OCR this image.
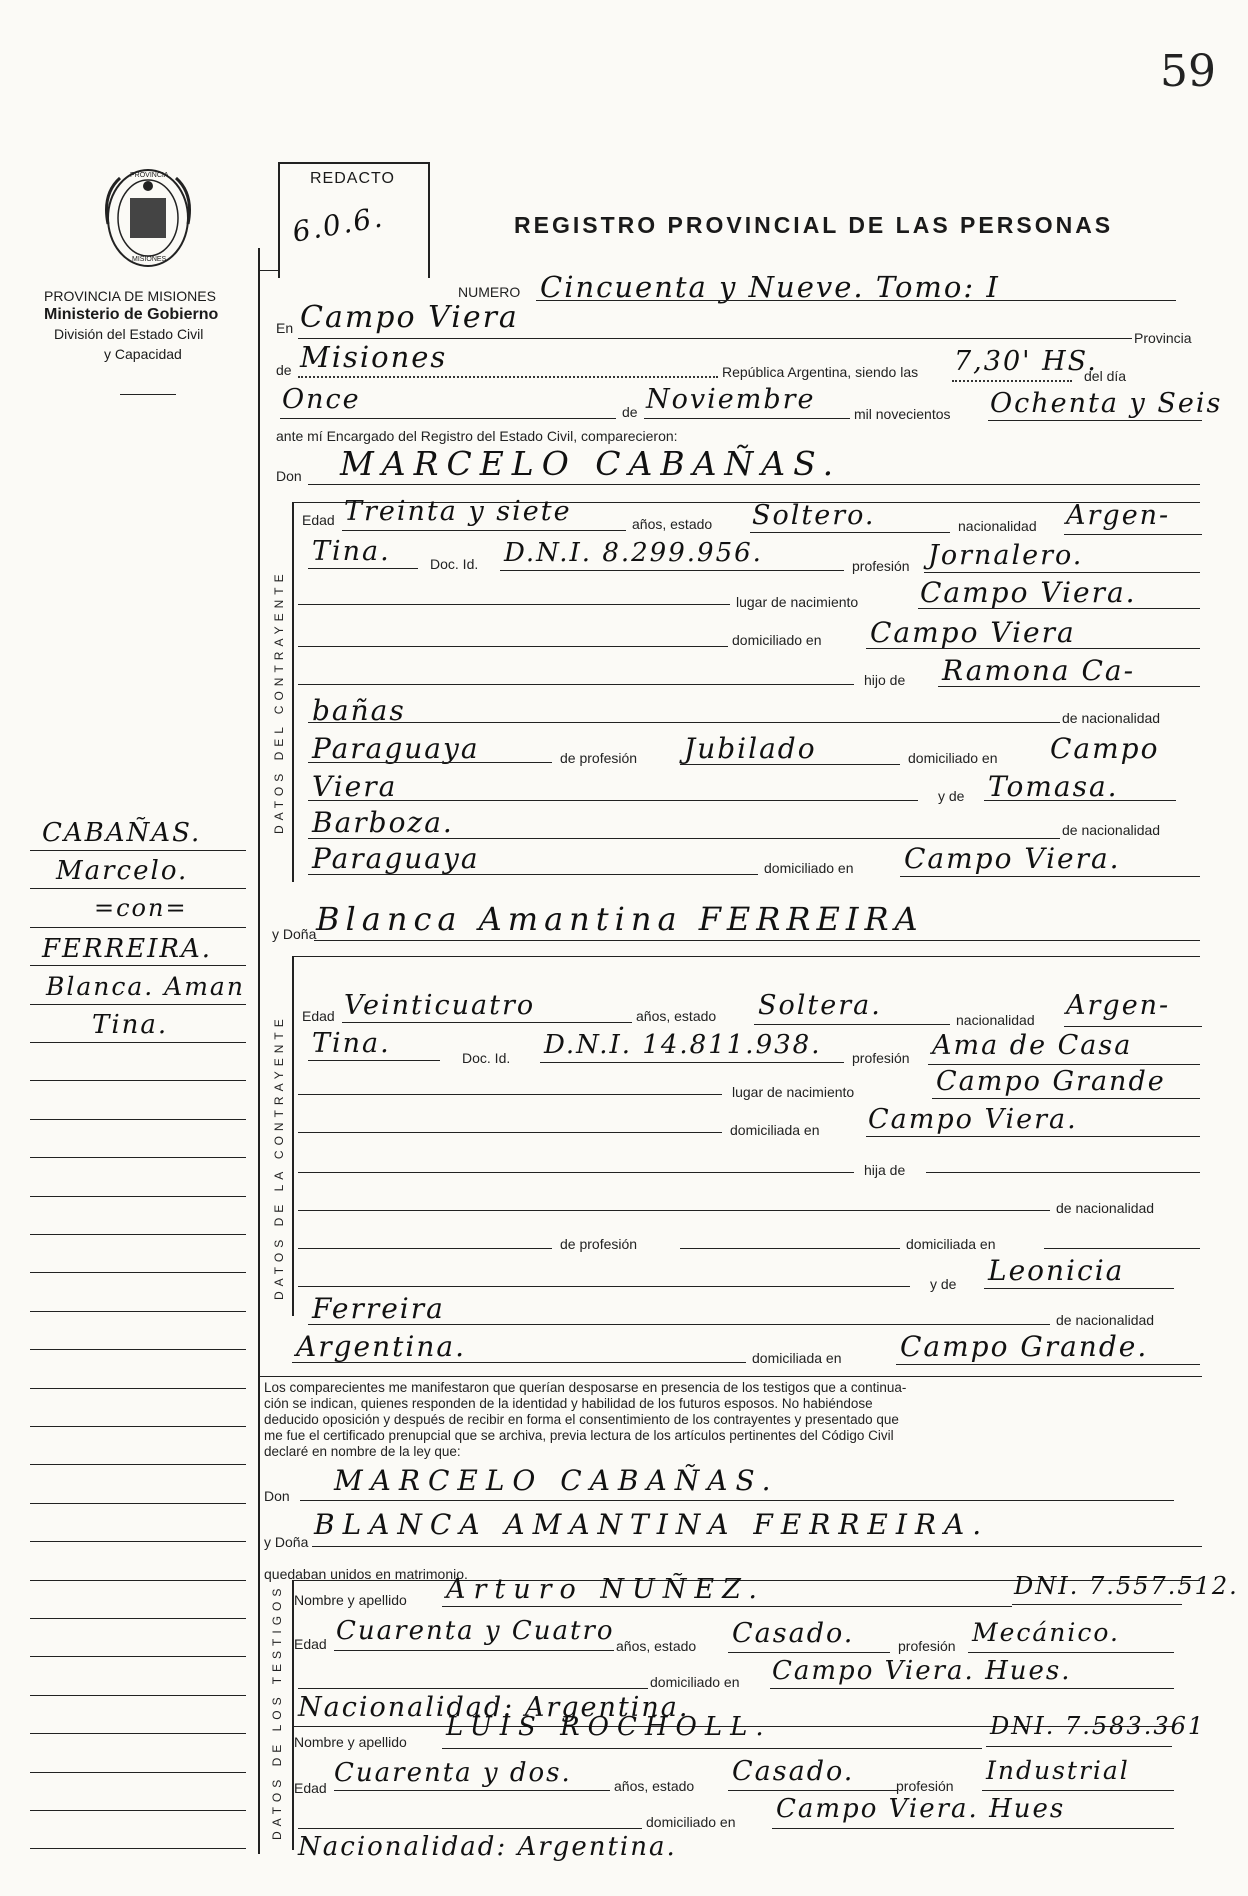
59
PROVINCIA
MISIONES
PROVINCIA DE MISIONES
Ministerio de Gobierno
División del Estado Civil
y Capacidad
REDACTO
6.0.6.	REGISTRO PROVINCIAL DE LAS PERSONAS
NUMERO Cincuenta y Nueve. Tomo: I
En Campo Viera
Provincia
de Misiones	República Argentina, siendo las 7,30' HS.
del día
Once	de Noviembre	mil novecientos Ochenta y Seis
ante mí Encargado del Registro del Estado Civil, comparecieron:
Don MARCELO CABAÑAS.
DATOS DEL CONTRAYENTE
Edad Treinta y siete	años, estado Soltero.	nacionalidad Argen-
Tina.	Doc. Id. D.N.I. 8.299.956.	profesión Jornalero.
lugar de nacimiento Campo Viera.
domiciliado en Campo Viera
hijo de Ramona Ca-
bañas	de nacionalidad
Paraguaya	de profesión Jubilado	domiciliado en Campo
Viera	y de Tomasa.
Barboza.	de nacionalidad
Paraguaya	domiciliado en Campo Viera.
y Doña Blanca Amantina FERREIRA
DATOS DE LA CONTRAYENTE Edad Veinticuatro	años, estado Soltera.	nacionalidad Argen-
Tina.	Doc. Id. D.N.I. 14.811.938. profesión Ama de Casa
lugar de nacimiento	Campo Grande
domiciliada en Campo Viera.
hija de
de nacionalidad
de profesión	domiciliada en
y de Leonicia
Ferreira	de nacionalidad
Argentina.	domiciliada en Campo Grande.
Los comparecientes me manifestaron que querían desposarse en presencia de los testigos que a continua-
ción se indican, quienes responden de la identidad y habilidad de los futuros esposos. No habiéndose
deducido oposición y después de recibir en forma el consentimiento de los contrayentes y presentado que
me fue el certificado prenupcial que se archiva, previa lectura de los artículos pertinentes del Código Civil
declaré en nombre de la ley que:
Don MARCELO CABAÑAS.
y Doña
BLANCA AMANTINA FERREIRA.
quedaban unidos en matrimonio.
DATOS DE LOS TESTIGOS Nombre y apellido Arturo NUÑEZ.	DNI. 7.557.512.
Edad Cuarenta y Cuatro años, estado Casado.	profesión Mecánico.
domiciliado en Campo Viera. Hues.
Nacionalidad: Argentina.
Nombre y apellido LUIS ROCHOLL.	DNI. 7.583.361
Edad Cuarenta y dos.	años, estado Casado.	profesión
Industrial
domiciliado en Campo Viera. Hues
Nacionalidad: Argentina.
CABAÑAS.
Marcelo.
=con=
FERREIRA.
Blanca. Aman
Tina.
